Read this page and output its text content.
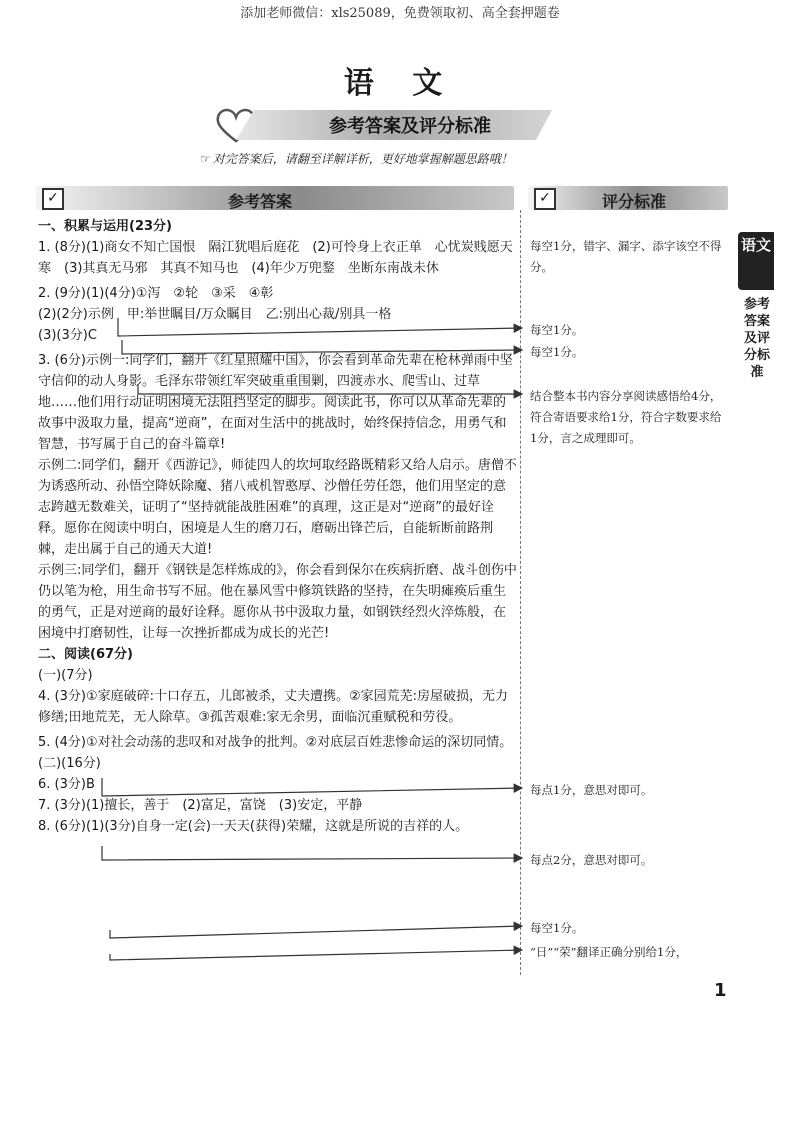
添加老师微信：xls25089，免费领取初、高全套押题卷
语 文
参考答案及评分标准
☞ 对完答案后，请翻至详解详析，更好地掌握解题思路哦！
✓	参考答案	✓	评分标准

一、积累与运用(23分)

1. (8分)(1)商女不知亡国恨　隔江犹唱后庭花　(2)可怜身上衣正单　心忧炭贱愿天寒　(3)其真无马邪　其真不知马也　(4)年少万兜鍪　坐断东南战未休

2. (9分)(1)(4分)①泻　②轮　③采　④彰

(2)(2分)示例　甲:举世瞩目/万众瞩目　乙:别出心裁/别具一格

(3)(3分)C

3. (6分)示例一:同学们，翻开《红星照耀中国》，你会看到革命先辈在枪林弹雨中坚守信仰的动人身影。毛泽东带领红军突破重重围剿，四渡赤水、爬雪山、过草地……他们用行动证明困境无法阻挡坚定的脚步。阅读此书，你可以从革命先辈的故事中汲取力量，提高“逆商”，在面对生活中的挑战时，始终保持信念，用勇气和智慧，书写属于自己的奋斗篇章!

示例二:同学们，翻开《西游记》，师徒四人的坎坷取经路既精彩又给人启示。唐僧不为诱惑所动、孙悟空降妖除魔、猪八戒机智憨厚、沙僧任劳任怨，他们用坚定的意志跨越无数难关，证明了“坚持就能战胜困难”的真理，这正是对“逆商”的最好诠释。愿你在阅读中明白，困境是人生的磨刀石，磨砺出锋芒后，自能斩断前路荆棘，走出属于自己的通天大道!

示例三:同学们，翻开《钢铁是怎样炼成的》，你会看到保尔在疾病折磨、战斗创伤中仍以笔为枪，用生命书写不屈。他在暴风雪中修筑铁路的坚持，在失明瘫痪后重生的勇气，正是对逆商的最好诠释。愿你从书中汲取力量，如钢铁经烈火淬炼般，在困境中打磨韧性，让每一次挫折都成为成长的光芒!

二、阅读(67分)

(一)(7分)

4. (3分)①家庭破碎:十口存五，儿郎被杀，丈夫遭携。②家园荒芜:房屋破损，无力修缮;田地荒芜，无人除草。③孤苦艰难:家无余男，面临沉重赋税和劳役。

5. (4分)①对社会动荡的悲叹和对战争的批判。②对底层百姓悲惨命运的深切同情。

(二)(16分)

6. (3分)B

7. (3分)(1)擅长，善于　(2)富足，富饶　(3)安定，平静

8. (6分)(1)(3分)自身一定(会)一天天(获得)荣耀，这就是所说的吉祥的人。

每空1分，错字、漏字、添字该空不得分。
每空1分。
每空1分。
结合整本书内容分享阅读感悟给4分，符合寄语要求给1分，符合字数要求给1分，言之成理即可。
每点1分，意思对即可。
每点2分，意思对即可。
每空1分。
“日”“荣”翻译正确分别给1分，
语文
参考答案及评分标准
1
